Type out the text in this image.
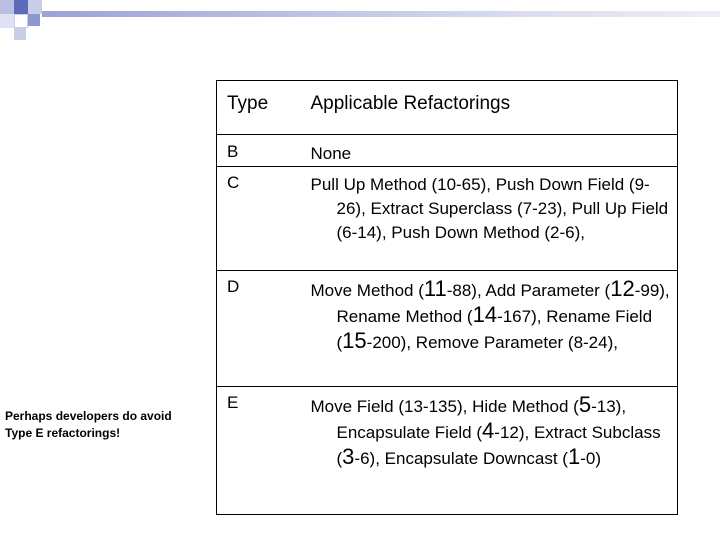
Perhaps developers do avoid
Type E refactorings!
Type	Applicable Refactorings
B	None

C	Pull Up Method (10-65), Push Down Field (9-26), Extract Superclass (7-23), Pull Up Field (6-14), Push Down Method (2-6),

D	Move Method (11-88), Add Parameter (12-99), Rename Method (14-167), Rename Field (15-200), Remove Parameter (8-24),

E	Move Field (13-135), Hide Method (5-13), Encapsulate Field (4-12), Extract Subclass (3-6), Encapsulate Downcast (1-0)
